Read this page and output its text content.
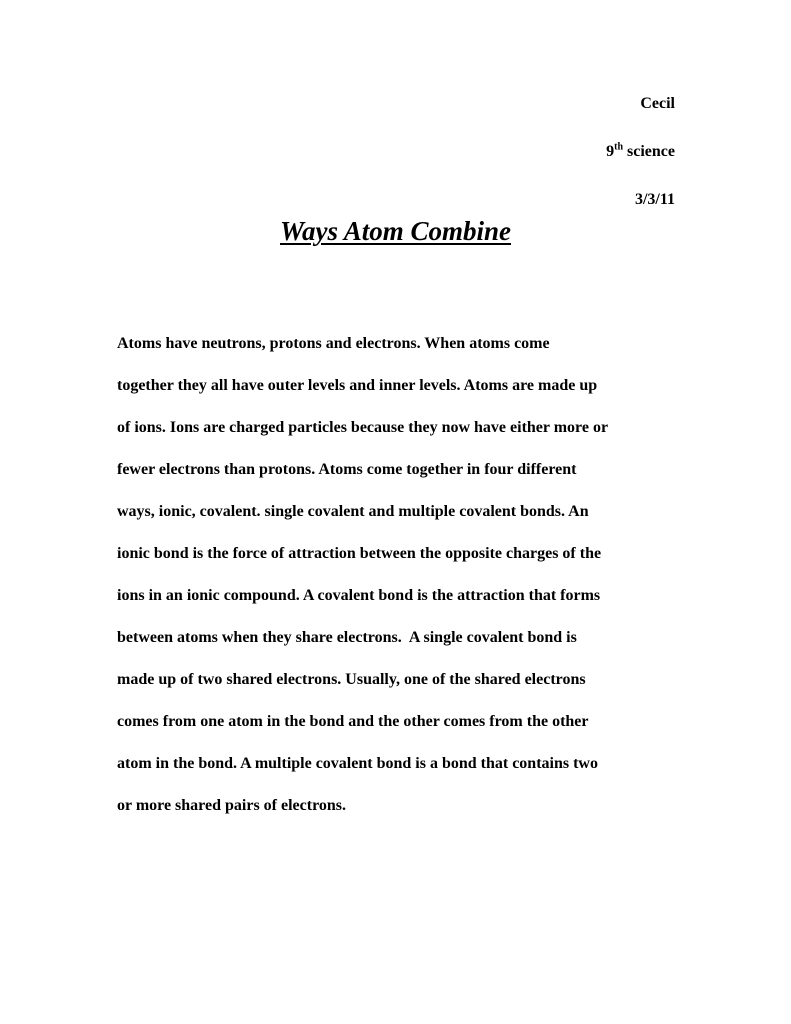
Cecil
9th science
3/3/11
Ways Atom Combine
Atoms have neutrons, protons and electrons. When atoms come
together they all have outer levels and inner levels. Atoms are made up
of ions. Ions are charged particles because they now have either more or
fewer electrons than protons. Atoms come together in four different
ways, ionic, covalent. single covalent and multiple covalent bonds. An
ionic bond is the force of attraction between the opposite charges of the
ions in an ionic compound. A covalent bond is the attraction that forms
between atoms when they share electrons.  A single covalent bond is
made up of two shared electrons. Usually, one of the shared electrons
comes from one atom in the bond and the other comes from the other
atom in the bond. A multiple covalent bond is a bond that contains two
or more shared pairs of electrons.
